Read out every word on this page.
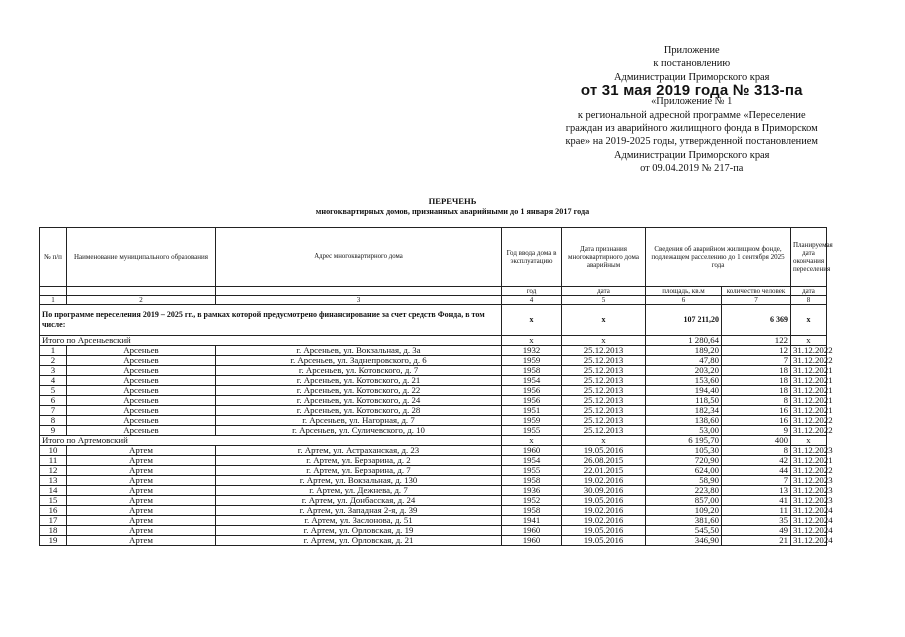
Приложение
к постановлению
Администрации Приморского края
от 31 мая 2019 года № 313-па
«Приложение № 1
к региональной адресной программе «Переселение
граждан из аварийного жилищного фонда в Приморском
крае» на 2019-2025 годы, утвержденной постановлением
Администрации Приморского края
от 09.04.2019 № 217-па
ПЕРЕЧЕНЬ
многоквартирных домов, признанных аварийными до 1 января 2017 года
№ п/п	Наименование муниципального образования	Адрес многоквартирного дома	Год ввода дома в эксплуатацию	Дата признания многоквартирного дома аварийным	Сведения об аварийном жилищном фонде, подлежащем расселению до 1 сентября 2025 года		Планируемая дата окончания переселения
			год	дата	площадь, кв.м	количество человек	дата
1	2	3	4	5	6	7	8
По программе переселения 2019 – 2025 гг., в рамках которой предусмотрено финансирование за счет средств Фонда, в том числе:			x	x	107 211,20	6 369	x
Итого по Арсеньевский			x	x	1 280,64	122	x
1	Арсеньев	г. Арсеньев, ул. Вокзальная, д. 3а	1932	25.12.2013	189,20	12	31.12.2022
2	Арсеньев	г. Арсеньев, ул. Заднепровского, д. 6	1959	25.12.2013	47,80	7	31.12.2022
3	Арсеньев	г. Арсеньев, ул. Котовского, д. 7	1958	25.12.2013	203,20	18	31.12.2021
4	Арсеньев	г. Арсеньев, ул. Котовского, д. 21	1954	25.12.2013	153,60	18	31.12.2021
5	Арсеньев	г. Арсеньев, ул. Котовского, д. 22	1956	25.12.2013	194,40	18	31.12.2021
6	Арсеньев	г. Арсеньев, ул. Котовского, д. 24	1956	25.12.2013	118,50	8	31.12.2021
7	Арсеньев	г. Арсеньев, ул. Котовского, д. 28	1951	25.12.2013	182,34	16	31.12.2021
8	Арсеньев	г. Арсеньев, ул. Нагорная, д. 7	1959	25.12.2013	138,60	16	31.12.2022
9	Арсеньев	г. Арсеньев, ул. Суличевского, д. 10	1955	25.12.2013	53,00	9	31.12.2022
Итого по Артемовский			x	x	6 195,70	400	x
10	Артем	г. Артем, ул. Астраханская, д. 23	1960	19.05.2016	105,30	8	31.12.2023
11	Артем	г. Артем, ул. Берзарина, д. 2	1954	26.08.2015	720,90	42	31.12.2021
12	Артем	г. Артем, ул. Берзарина, д. 7	1955	22.01.2015	624,00	44	31.12.2022
13	Артем	г. Артем, ул. Вокзальная, д. 130	1958	19.02.2016	58,90	7	31.12.2023
14	Артем	г. Артем, ул. Дежнева, д. 7	1936	30.09.2016	223,80	13	31.12.2023
15	Артем	г. Артем, ул. Донбасская, д. 24	1952	19.05.2016	857,00	41	31.12.2023
16	Артем	г. Артем, ул. Западная 2-я, д. 39	1958	19.02.2016	109,20	11	31.12.2024
17	Артем	г. Артем, ул. Заслонова, д. 51	1941	19.02.2016	381,60	35	31.12.2024
18	Артем	г. Артем, ул. Орловская, д. 19	1960	19.05.2016	545,50	49	31.12.2024
19	Артем	г. Артем, ул. Орловская, д. 21	1960	19.05.2016	346,90	21	31.12.2024
